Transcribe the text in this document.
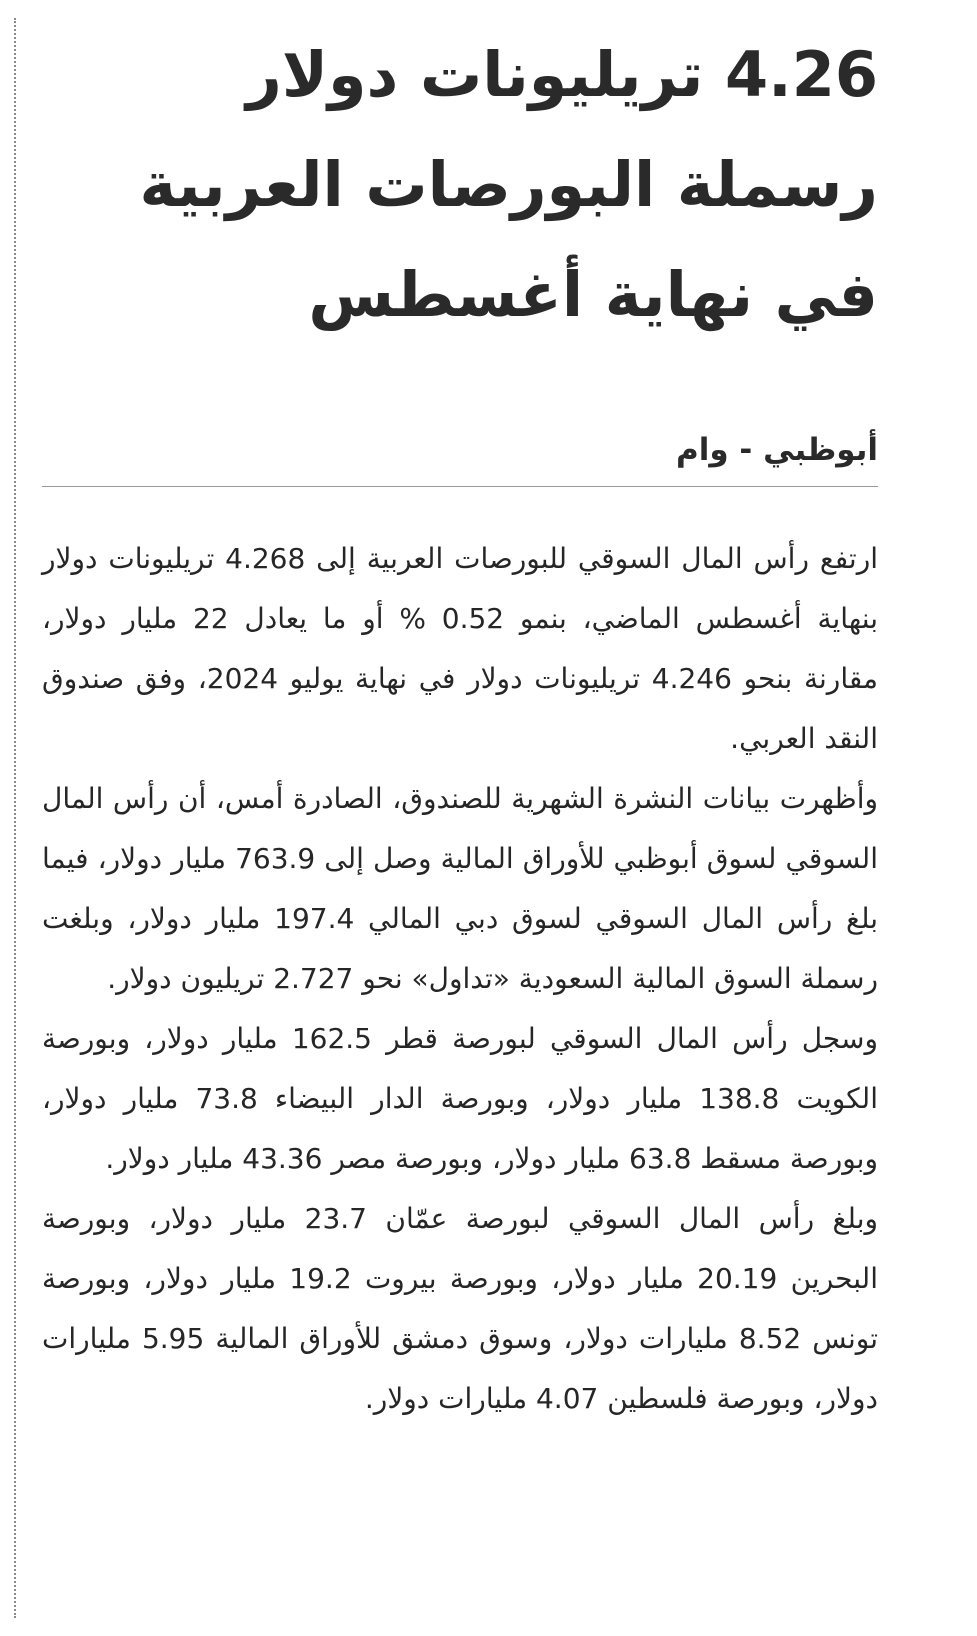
4.26 تريليونات دولار
رسملة البورصات العربية
في نهاية أغسطس
أبوظبي - وام

ارتفع رأس المال السوقي للبورصات العربية إلى 4.268 تريليونات دولار بنهاية أغسطس الماضي، بنمو 0.52 % أو ما يعادل 22 مليار دولار، مقارنة بنحو 4.246 تريليونات دولار في نهاية يوليو 2024، وفق صندوق النقد العربي.

وأظهرت بيانات النشرة الشهرية للصندوق، الصادرة أمس، أن رأس المال السوقي لسوق أبوظبي للأوراق المالية وصل إلى 763.9 مليار دولار، فيما بلغ رأس المال السوقي لسوق دبي المالي 197.4 مليار دولار، وبلغت رسملة السوق المالية السعودية «تداول» نحو 2.727 تريليون دولار.

وسجل رأس المال السوقي لبورصة قطر 162.5 مليار دولار، وبورصة الكويت 138.8 مليار دولار، وبورصة الدار البيضاء 73.8 مليار دولار، وبورصة مسقط 63.8 مليار دولار، وبورصة مصر 43.36 مليار دولار.

وبلغ رأس المال السوقي لبورصة عمّان 23.7 مليار دولار، وبورصة البحرين 20.19 مليار دولار، وبورصة بيروت 19.2 مليار دولار، وبورصة تونس 8.52 مليارات دولار، وسوق دمشق للأوراق المالية 5.95 مليارات دولار، وبورصة فلسطين 4.07 مليارات دولار.
